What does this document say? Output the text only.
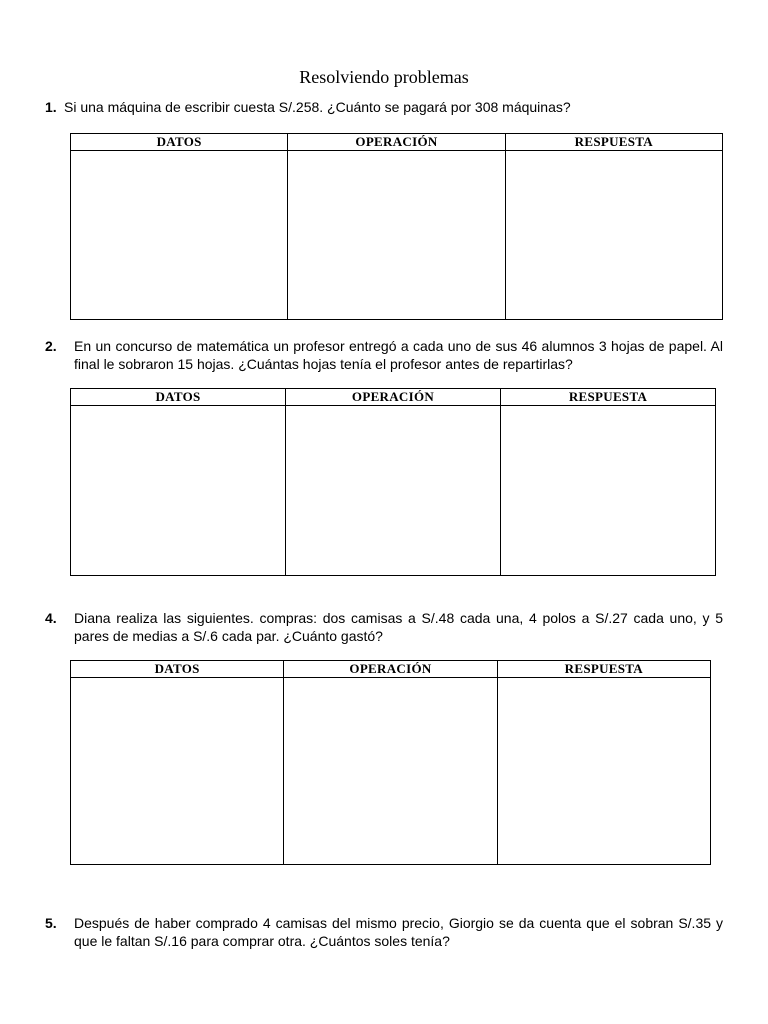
Resolviendo problemas
1. Si una máquina de escribir cuesta S/.258. ¿Cuánto se pagará por 308 máquinas?
DATOS	OPERACIÓN	RESPUESTA
2. En un concurso de matemática un profesor entregó a cada uno de sus 46 alumnos 3 hojas de papel. Al final le sobraron 15 hojas. ¿Cuántas hojas tenía el profesor antes de repartirlas?
DATOS	OPERACIÓN	RESPUESTA
4. Diana realiza las siguientes. compras: dos camisas a S/.48 cada una, 4 polos a S/.27 cada uno, y 5 pares de medias a S/.6 cada par. ¿Cuánto gastó?
DATOS	OPERACIÓN	RESPUESTA
5. Después de haber comprado 4 camisas del mismo precio, Giorgio se da cuenta que el sobran S/.35 y que le faltan S/.16 para comprar otra. ¿Cuántos soles tenía?
